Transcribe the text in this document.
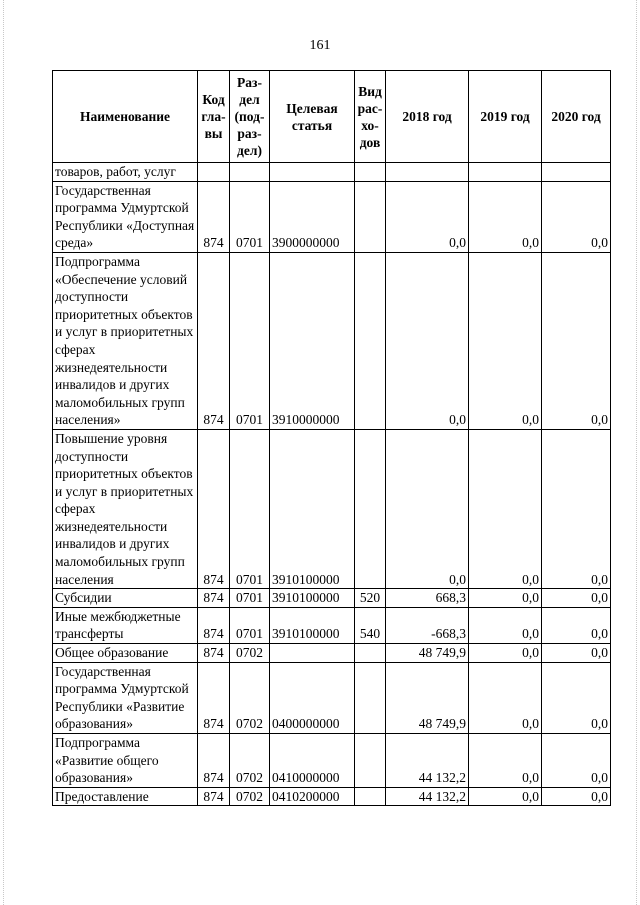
161
Наименование	Код гла- вы	Раз- дел (под- раз- дел)	Целевая статья	Вид рас- хо- дов	2018 год	2019 год	2020 год
товаров, работ, услуг							
Государственная программа Удмуртской Республики «Доступная среда»	874	0701	3900000000		0,0	0,0	0,0
Подпрограмма «Обеспечение условий доступности приоритетных объектов и услуг в приоритетных сферах жизнедеятельности инвалидов и других маломобильных групп населения»	874	0701	3910000000		0,0	0,0	0,0
Повышение уровня доступности приоритетных объектов и услуг в приоритетных сферах жизнедеятельности инвалидов и других маломобильных групп населения	874	0701	3910100000		0,0	0,0	0,0
Субсидии	874	0701	3910100000	520	668,3	0,0	0,0
Иные межбюджетные трансферты	874	0701	3910100000	540	-668,3	0,0	0,0
Общее образование	874	0702			48 749,9	0,0	0,0
Государственная программа Удмуртской Республики «Развитие образования»	874	0702	0400000000		48 749,9	0,0	0,0
Подпрограмма «Развитие общего образования»	874	0702	0410000000		44 132,2	0,0	0,0
Предоставление	874	0702	0410200000		44 132,2	0,0	0,0
